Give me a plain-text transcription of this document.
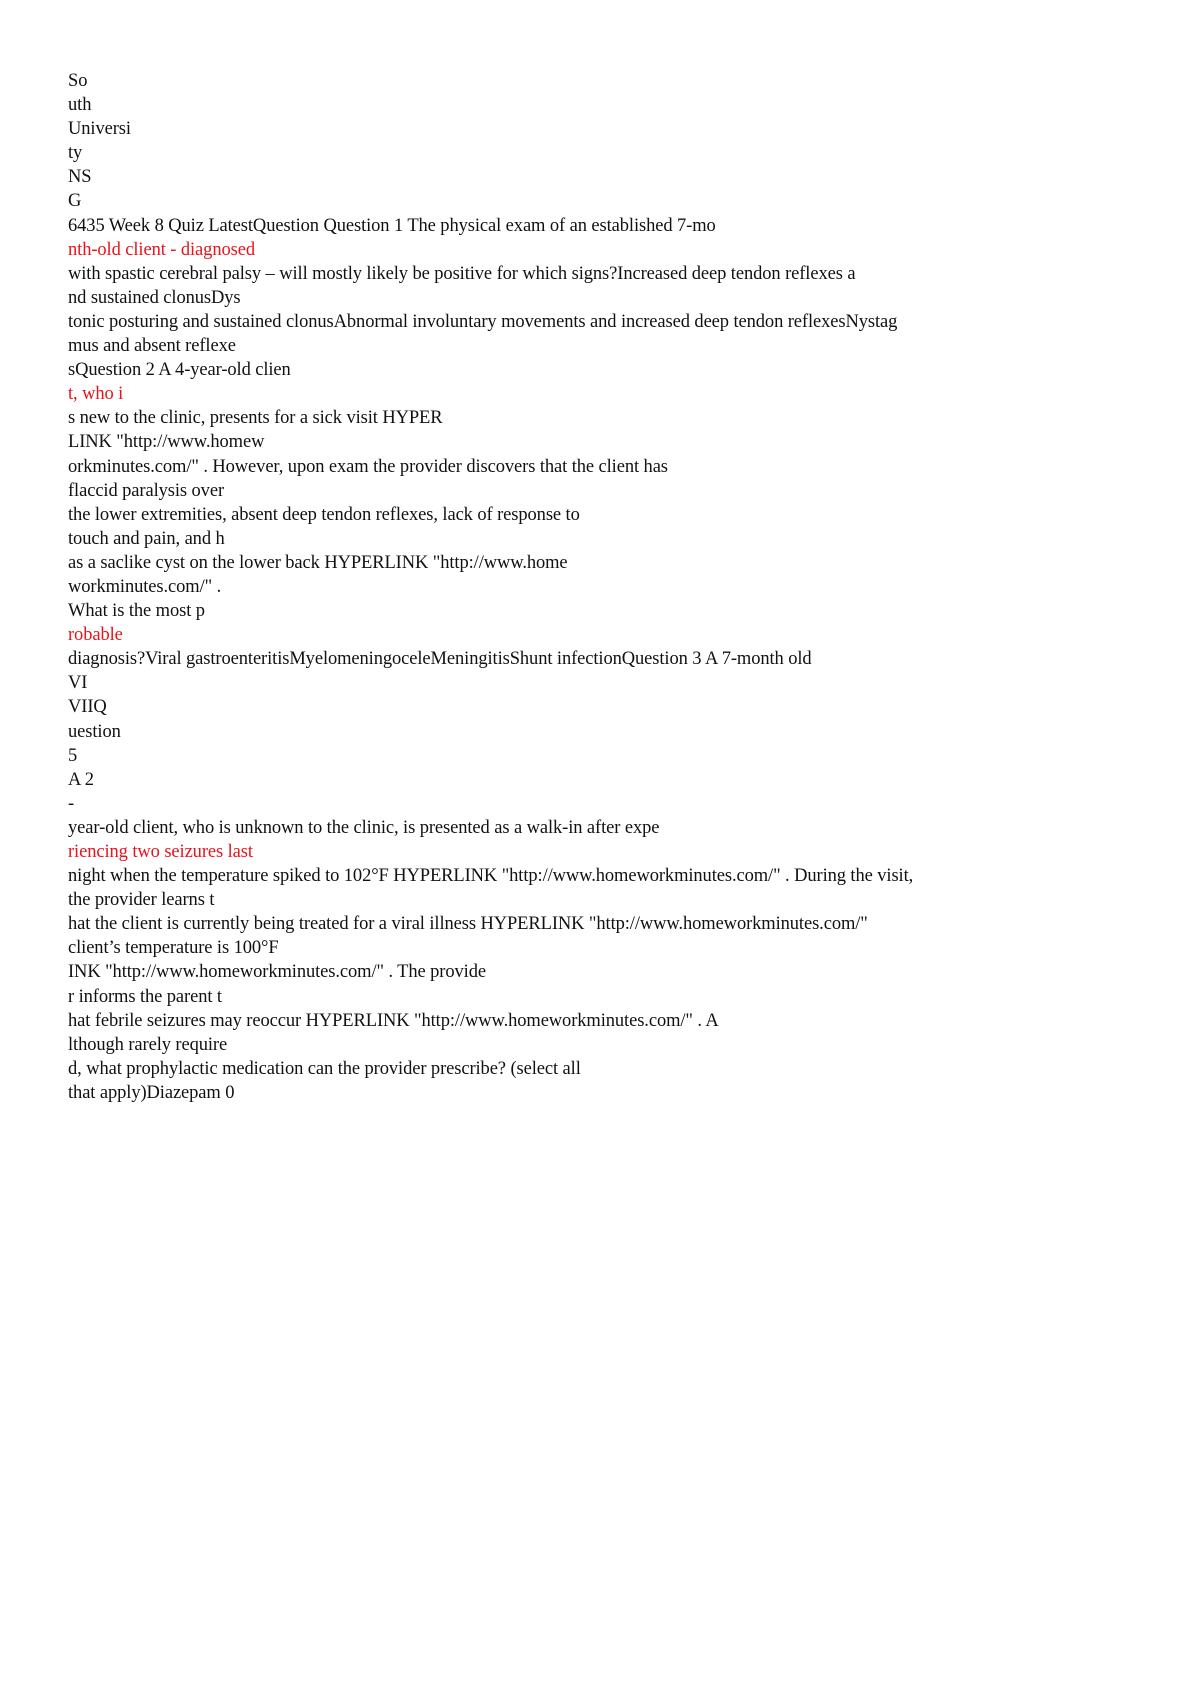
So
uth
Universi
ty
NS
G
6435 Week 8 Quiz LatestQuestion Question 1 The physical exam of an established 7-mo
nth-old client - diagnosed
with spastic cerebral palsy – will mostly likely be positive for which signs?Increased deep tendon reflexes a
nd sustained clonusDys
tonic posturing and sustained clonusAbnormal involuntary movements and increased deep tendon reflexesNystag
mus and absent reflexe
sQuestion 2 A 4-year-old clien
t, who i
s new to the clinic, presents for a sick visit HYPER
LINK "http://www.homew
orkminutes.com/" . However, upon exam the provider discovers that the client has
flaccid paralysis over
the lower extremities, absent deep tendon reflexes, lack of response to
touch and pain, and h
as a saclike cyst on the lower back HYPERLINK "http://www.home
workminutes.com/" .
What is the most p
robable
diagnosis?Viral gastroenteritisMyelomeningoceleMeningitisShunt infectionQuestion 3 A 7-month old
VI
VIIQ
uestion
5
A 2
-
year-old client, who is unknown to the clinic, is presented as a walk-in after expe
riencing two seizures last
night when the temperature spiked to 102°F HYPERLINK "http://www.homeworkminutes.com/" . During the visit,
the provider learns t
hat the client is currently being treated for a viral illness HYPERLINK "http://www.homeworkminutes.com/"
client’s temperature is 100°F
INK "http://www.homeworkminutes.com/" . The provide
r informs the parent t
hat febrile seizures may reoccur HYPERLINK "http://www.homeworkminutes.com/" . A
lthough rarely require
d, what prophylactic medication can the provider prescribe? (select all
that apply)Diazepam 0
